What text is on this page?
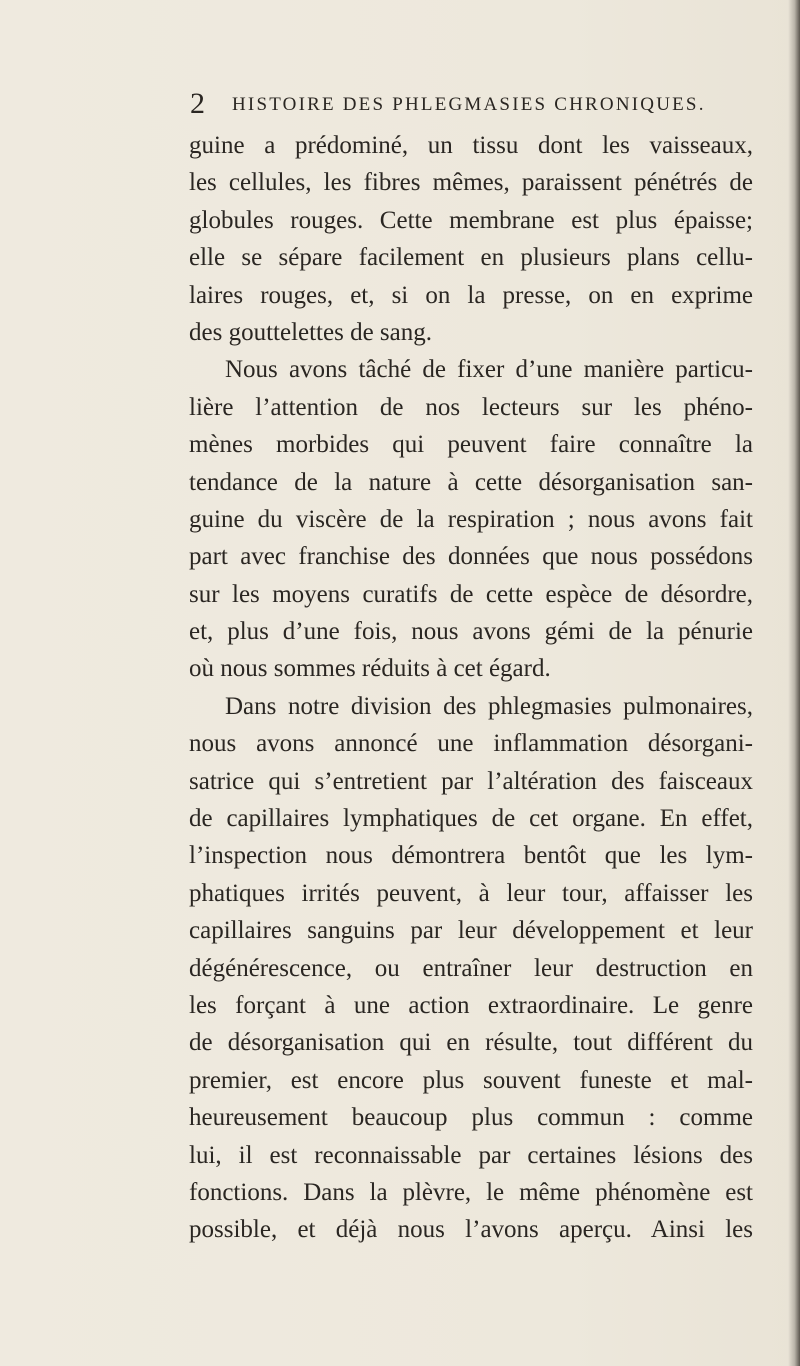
2 HISTOIRE DES PHLEGMASIES CHRONIQUES.
guine a prédominé, un tissu dont les vaisseaux,
les cellules, les fibres mêmes, paraissent pénétrés de
globules rouges. Cette membrane est plus épaisse;
elle se sépare facilement en plusieurs plans cellu-
laires rouges, et, si on la presse, on en exprime
des gouttelettes de sang.
Nous avons tâché de fixer d’une manière particu-
lière l’attention de nos lecteurs sur les phéno-
mènes morbides qui peuvent faire connaître la
tendance de la nature à cette désorganisation san-
guine du viscère de la respiration ; nous avons fait
part avec franchise des données que nous possédons
sur les moyens curatifs de cette espèce de désordre,
et, plus d’une fois, nous avons gémi de la pénurie
où nous sommes réduits à cet égard.
Dans notre division des phlegmasies pulmonaires,
nous avons annoncé une inflammation désorgani-
satrice qui s’entretient par l’altération des faisceaux
de capillaires lymphatiques de cet organe. En effet,
l’inspection nous démontrera bentôt que les lym-
phatiques irrités peuvent, à leur tour, affaisser les
capillaires sanguins par leur développement et leur
dégénérescence, ou entraîner leur destruction en
les forçant à une action extraordinaire. Le genre
de désorganisation qui en résulte, tout différent du
premier, est encore plus souvent funeste et mal-
heureusement beaucoup plus commun : comme
lui, il est reconnaissable par certaines lésions des
fonctions. Dans la plèvre, le même phénomène est
possible, et déjà nous l’avons aperçu. Ainsi les
